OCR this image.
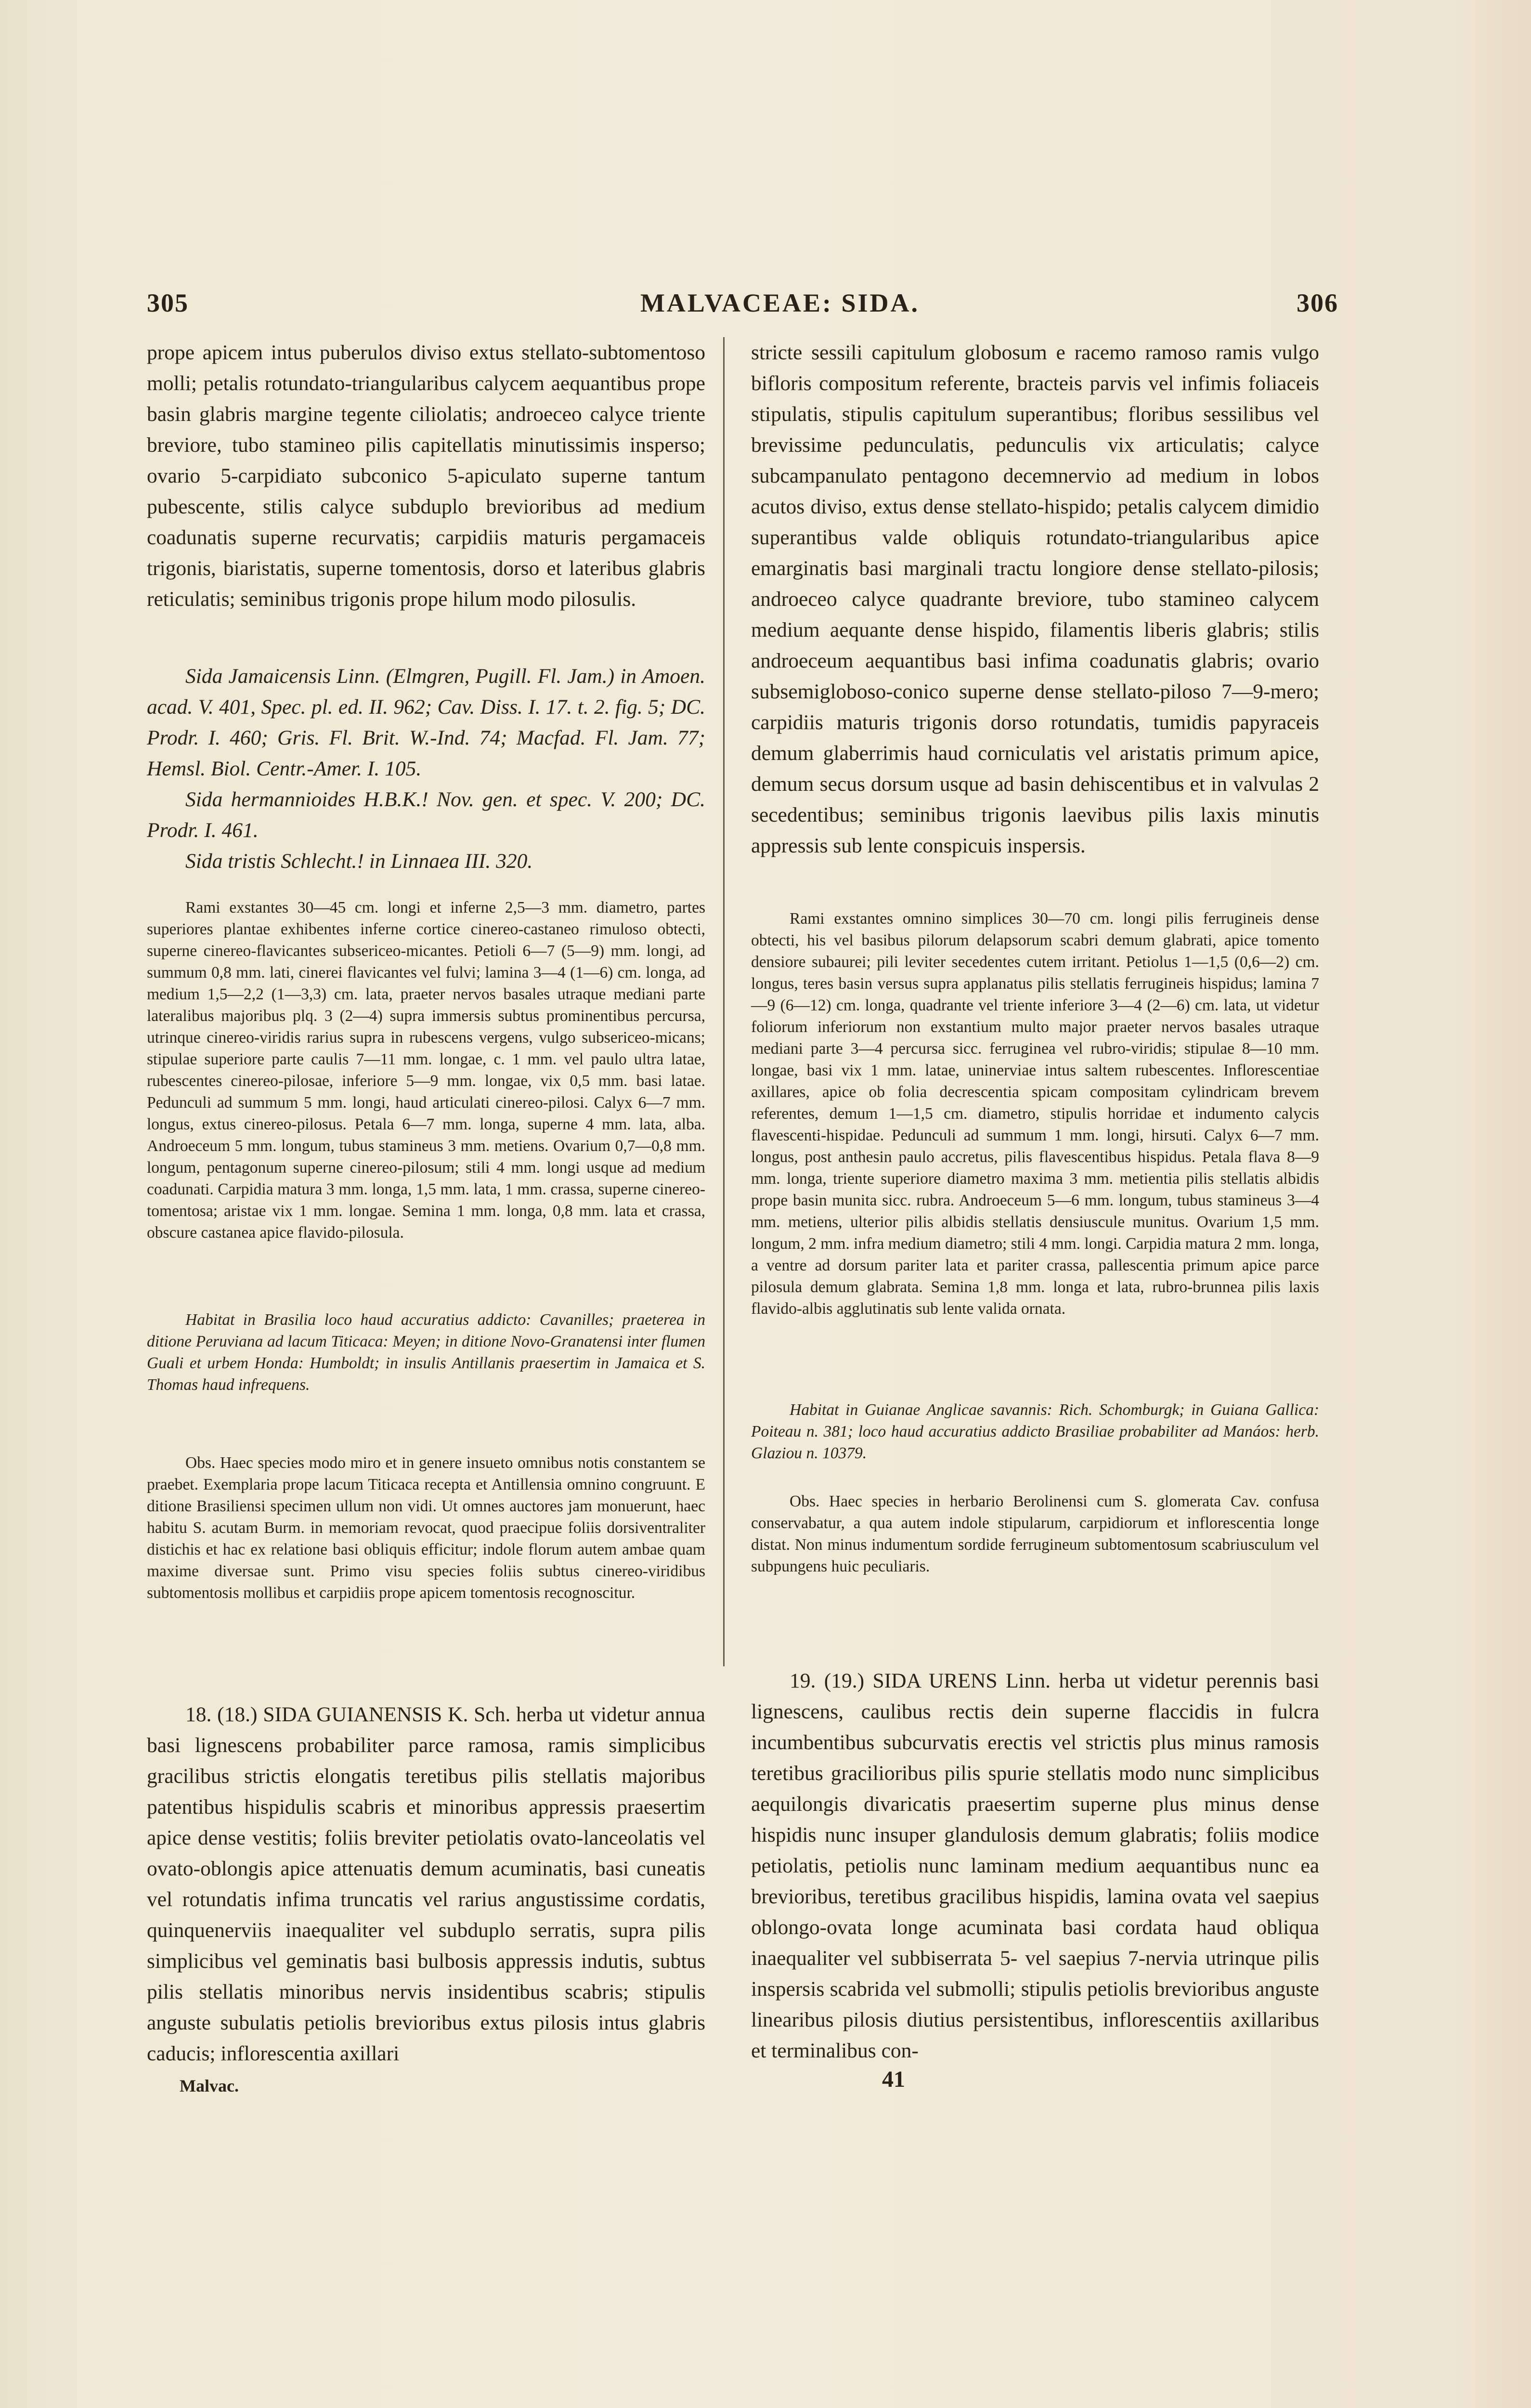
305	MALVACEAE: SIDA.	306

prope apicem intus puberulos diviso extus stellato-subtomentoso molli; petalis rotundato-triangularibus calycem aequantibus prope basin glabris margine tegente ciliolatis; androeceo calyce triente breviore, tubo stamineo pilis capitellatis minutissimis insperso; ovario 5-carpidiato subconico 5-apiculato superne tantum pubescente, stilis calyce subduplo brevioribus ad medium coadunatis superne recurvatis; carpidiis maturis pergamaceis trigonis, biaristatis, superne tomentosis, dorso et lateribus glabris reticulatis; seminibus trigonis prope hilum modo pilosulis.

Sida Jamaicensis Linn. (Elmgren, Pugill. Fl. Jam.) in Amoen. acad. V. 401, Spec. pl. ed. II. 962; Cav. Diss. I. 17. t. 2. fig. 5; DC. Prodr. I. 460; Gris. Fl. Brit. W.-Ind. 74; Macfad. Fl. Jam. 77; Hemsl. Biol. Centr.-Amer. I. 105.

Sida hermannioides H.B.K.! Nov. gen. et spec. V. 200; DC. Prodr. I. 461.

Sida tristis Schlecht.! in Linnaea III. 320.

Rami exstantes 30—45 cm. longi et inferne 2,5—3 mm. diametro, partes superiores plantae exhibentes inferne cortice cinereo-castaneo rimuloso obtecti, superne cinereo-flavicantes subsericeo-micantes. Petioli 6—7 (5—9) mm. longi, ad summum 0,8 mm. lati, cinerei flavicantes vel fulvi; lamina 3—4 (1—6) cm. longa, ad medium 1,5—2,2 (1—3,3) cm. lata, praeter nervos basales utraque mediani parte lateralibus majoribus plq. 3 (2—4) supra immersis subtus prominentibus percursa, utrinque cinereo-viridis rarius supra in rubescens vergens, vulgo subsericeo-micans; stipulae superiore parte caulis 7—11 mm. longae, c. 1 mm. vel paulo ultra latae, rubescentes cinereo-pilosae, inferiore 5—9 mm. longae, vix 0,5 mm. basi latae. Pedunculi ad summum 5 mm. longi, haud articulati cinereo-pilosi. Calyx 6—7 mm. longus, extus cinereo-pilosus. Petala 6—7 mm. longa, superne 4 mm. lata, alba. Androeceum 5 mm. longum, tubus stamineus 3 mm. metiens. Ovarium 0,7—0,8 mm. longum, pentagonum superne cinereo-pilosum; stili 4 mm. longi usque ad medium coadunati. Carpidia matura 3 mm. longa, 1,5 mm. lata, 1 mm. crassa, superne cinereo-tomentosa; aristae vix 1 mm. longae. Semina 1 mm. longa, 0,8 mm. lata et crassa, obscure castanea apice flavido-pilosula.

Habitat in Brasilia loco haud accuratius addicto: Cavanilles; praeterea in ditione Peruviana ad lacum Titicaca: Meyen; in ditione Novo-Granatensi inter flumen Guali et urbem Honda: Humboldt; in insulis Antillanis praesertim in Jamaica et S. Thomas haud infrequens.

Obs. Haec species modo miro et in genere insueto omnibus notis constantem se praebet. Exemplaria prope lacum Titicaca recepta et Antillensia omnino congruunt. E ditione Brasiliensi specimen ullum non vidi. Ut omnes auctores jam monuerunt, haec habitu S. acutam Burm. in memoriam revocat, quod praecipue foliis dorsiventraliter distichis et hac ex relatione basi obliquis efficitur; indole florum autem ambae quam maxime diversae sunt. Primo visu species foliis subtus cinereo-viridibus subtomentosis mollibus et carpidiis prope apicem tomentosis recognoscitur.

18. (18.) SIDA GUIANENSIS K. Sch. herba ut videtur annua basi lignescens probabiliter parce ramosa, ramis simplicibus gracilibus strictis elongatis teretibus pilis stellatis majoribus patentibus hispidulis scabris et minoribus appressis praesertim apice dense vestitis; foliis breviter petiolatis ovato-lanceolatis vel ovato-oblongis apice attenuatis demum acuminatis, basi cuneatis vel rotundatis infima truncatis vel rarius angustissime cordatis, quinquenerviis inaequaliter vel subduplo serratis, supra pilis simplicibus vel geminatis basi bulbosis appressis indutis, subtus pilis stellatis minoribus nervis insidentibus scabris; stipulis anguste subulatis petiolis brevioribus extus pilosis intus glabris caducis; inflorescentia axillari

Malvac.

stricte sessili capitulum globosum e racemo ramoso ramis vulgo bifloris compositum referente, bracteis parvis vel infimis foliaceis stipulatis, stipulis capitulum superantibus; floribus sessilibus vel brevissime pedunculatis, pedunculis vix articulatis; calyce subcampanulato pentagono decemnervio ad medium in lobos acutos diviso, extus dense stellato-hispido; petalis calycem dimidio superantibus valde obliquis rotundato-triangularibus apice emarginatis basi marginali tractu longiore dense stellato-pilosis; androeceo calyce quadrante breviore, tubo stamineo calycem medium aequante dense hispido, filamentis liberis glabris; stilis androeceum aequantibus basi infima coadunatis glabris; ovario subsemigloboso-conico superne dense stellato-piloso 7—9-mero; carpidiis maturis trigonis dorso rotundatis, tumidis papyraceis demum glaberrimis haud corniculatis vel aristatis primum apice, demum secus dorsum usque ad basin dehiscentibus et in valvulas 2 secedentibus; seminibus trigonis laevibus pilis laxis minutis appressis sub lente conspicuis inspersis.

Rami exstantes omnino simplices 30—70 cm. longi pilis ferrugineis dense obtecti, his vel basibus pilorum delapsorum scabri demum glabrati, apice tomento densiore subaurei; pili leviter secedentes cutem irritant. Petiolus 1—1,5 (0,6—2) cm. longus, teres basin versus supra applanatus pilis stellatis ferrugineis hispidus; lamina 7—9 (6—12) cm. longa, quadrante vel triente inferiore 3—4 (2—6) cm. lata, ut videtur foliorum inferiorum non exstantium multo major praeter nervos basales utraque mediani parte 3—4 percursa sicc. ferruginea vel rubro-viridis; stipulae 8—10 mm. longae, basi vix 1 mm. latae, uninerviae intus saltem rubescentes. Inflorescentiae axillares, apice ob folia decrescentia spicam compositam cylindricam brevem referentes, demum 1—1,5 cm. diametro, stipulis horridae et indumento calycis flavescenti-hispidae. Pedunculi ad summum 1 mm. longi, hirsuti. Calyx 6—7 mm. longus, post anthesin paulo accretus, pilis flavescentibus hispidus. Petala flava 8—9 mm. longa, triente superiore diametro maxima 3 mm. metientia pilis stellatis albidis prope basin munita sicc. rubra. Androeceum 5—6 mm. longum, tubus stamineus 3—4 mm. metiens, ulterior pilis albidis stellatis densiuscule munitus. Ovarium 1,5 mm. longum, 2 mm. infra medium diametro; stili 4 mm. longi. Carpidia matura 2 mm. longa, a ventre ad dorsum pariter lata et pariter crassa, pallescentia primum apice parce pilosula demum glabrata. Semina 1,8 mm. longa et lata, rubro-brunnea pilis laxis flavido-albis agglutinatis sub lente valida ornata.

Habitat in Guianae Anglicae savannis: Rich. Schomburgk; in Guiana Gallica: Poiteau n. 381; loco haud accuratius addicto Brasiliae probabiliter ad Manáos: herb. Glaziou n. 10379.

Obs. Haec species in herbario Berolinensi cum S. glomerata Cav. confusa conservabatur, a qua autem indole stipularum, carpidiorum et inflorescentia longe distat. Non minus indumentum sordide ferrugineum subtomentosum scabriusculum vel subpungens huic peculiaris.

19. (19.) SIDA URENS Linn. herba ut videtur perennis basi lignescens, caulibus rectis dein superne flaccidis in fulcra incumbentibus subcurvatis erectis vel strictis plus minus ramosis teretibus gracilioribus pilis spurie stellatis modo nunc simplicibus aequilongis divaricatis praesertim superne plus minus dense hispidis nunc insuper glandulosis demum glabratis; foliis modice petiolatis, petiolis nunc laminam medium aequantibus nunc ea brevioribus, teretibus gracilibus hispidis, lamina ovata vel saepius oblongo-ovata longe acuminata basi cordata haud obliqua inaequaliter vel subbiserrata 5- vel saepius 7-nervia utrinque pilis inspersis scabrida vel submolli; stipulis petiolis brevioribus anguste linearibus pilosis diutius persistentibus, inflorescentiis axillaribus et terminalibus con-

41
